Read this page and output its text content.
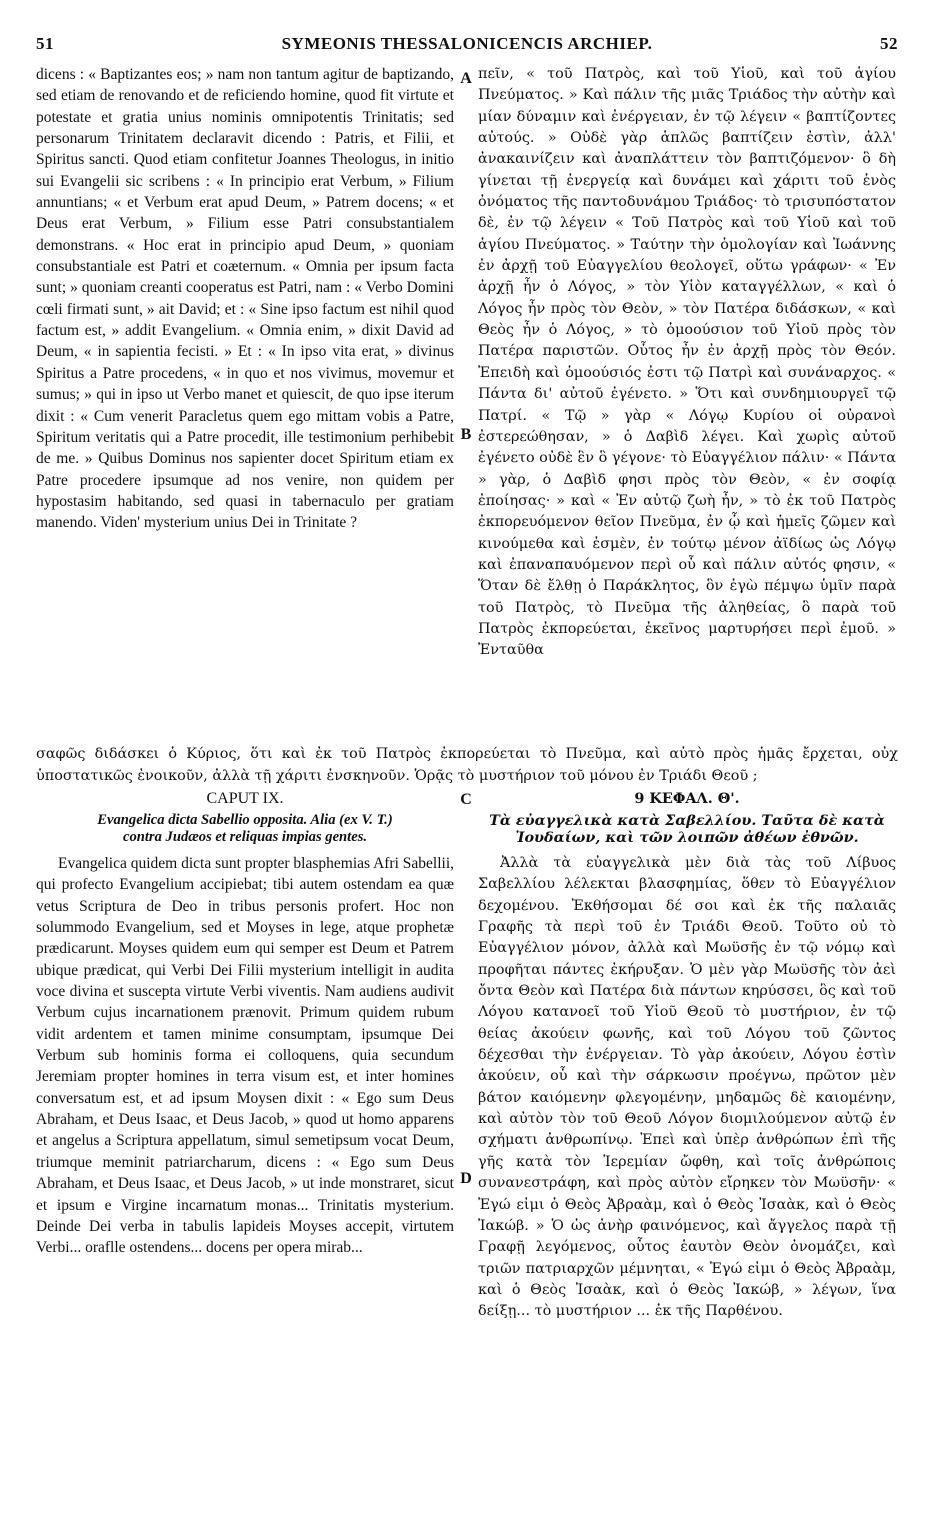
51	SYMEONIS THESSALONICENCIS ARCHIEP.	52

dicens : « Baptizantes eos; » nam non tantum agitur de baptizando, sed etiam de renovando et de reficiendo homine, quod fit virtute et potestate et gratia unius nominis omnipotentis Trinitatis; sed personarum Trinitatem declaravit dicendo : Patris, et Filii, et Spiritus sancti. Quod etiam confitetur Joannes Theologus, in initio sui Evangelii sic scribens : « In principio erat Verbum, » Filium annuntians; « et Verbum erat apud Deum, » Patrem docens; « et Deus erat Verbum, » Filium esse Patri consubstantialem demonstrans. « Hoc erat in principio apud Deum, » quoniam consubstantiale est Patri et coæternum. « Omnia per ipsum facta sunt; » quoniam creanti cooperatus est Patri, nam : « Verbo Domini cœli firmati sunt, » ait David; et : « Sine ipso factum est nihil quod factum est, » addit Evangelium. « Omnia enim, » dixit David ad Deum, « in sapientia fecisti. » Et : « In ipso vita erat, » divinus Spiritus a Patre procedens, « in quo et nos vivimus, movemur et sumus; » qui in ipso ut Verbo manet et quiescit, de quo ipse iterum dixit : « Cum venerit Paracletus quem ego mittam vobis a Patre, Spiritum veritatis qui a Patre procedit, ille testimonium perhibebit de me. » Quibus Dominus nos sapienter docet Spiritum etiam ex Patre procedere ipsumque ad nos venire, non quidem per hypostasim habitando, sed quasi in tabernaculo per gratiam manendo. Viden' mysterium unius Dei in Trinitate ?

A
B

πεῖν, « τοῦ Πατρὸς, καὶ τοῦ Υἱοῦ, καὶ τοῦ ἁγίου Πνεύματος. » Καὶ πάλιν τῆς μιᾶς Τριάδος τὴν αὐτὴν καὶ μίαν δύναμιν καὶ ἐνέργειαν, ἐν τῷ λέγειν « βαπτίζοντες αὐτούς. » Οὐδὲ γὰρ ἁπλῶς βαπτίζειν ἐστὶν, ἀλλ' ἀνακαινίζειν καὶ ἀναπλάττειν τὸν βαπτιζόμενον· ὃ δὴ γίνεται τῇ ἐνεργείᾳ καὶ δυνάμει καὶ χάριτι τοῦ ἑνὸς ὀνόματος τῆς παντοδυνάμου Τριάδος· τὸ τρισυπόστατον δὲ, ἐν τῷ λέγειν « Τοῦ Πατρὸς καὶ τοῦ Υἱοῦ καὶ τοῦ ἁγίου Πνεύματος. » Ταύτην τὴν ὁμολογίαν καὶ Ἰωάννης ἐν ἀρχῇ τοῦ Εὐαγγελίου θεολογεῖ, οὕτω γράφων· « Ἐν ἀρχῇ ἦν ὁ Λόγος, » τὸν Υἱὸν καταγγέλλων, « καὶ ὁ Λόγος ἦν πρὸς τὸν Θεὸν, » τὸν Πατέρα διδάσκων, « καὶ Θεὸς ἦν ὁ Λόγος, » τὸ ὁμοούσιον τοῦ Υἱοῦ πρὸς τὸν Πατέρα παριστῶν. Οὗτος ἦν ἐν ἀρχῇ πρὸς τὸν Θεόν. Ἐπειδὴ καὶ ὁμοούσιός ἐστι τῷ Πατρὶ καὶ συνάναρχος. « Πάντα δι' αὐτοῦ ἐγένετο. » Ὅτι καὶ συνδημιουργεῖ τῷ Πατρί. « Τῷ » γὰρ « Λόγῳ Κυρίου οἱ οὐρανοὶ ἐστερεώθησαν, » ὁ Δαβὶδ λέγει. Καὶ χωρὶς αὐτοῦ ἐγένετο οὐδὲ ἓν ὃ γέγονε· τὸ Εὐαγγέλιον πάλιν· « Πάντα » γὰρ, ὁ Δαβὶδ φησι πρὸς τὸν Θεὸν, « ἐν σοφίᾳ ἐποίησας· » καὶ « Ἐν αὐτῷ ζωὴ ἦν, » τὸ ἐκ τοῦ Πατρὸς ἐκπορευόμενον θεῖον Πνεῦμα, ἐν ᾧ καὶ ἡμεῖς ζῶμεν καὶ κινούμεθα καὶ ἐσμὲν, ἐν τούτῳ μένον ἀϊδίως ὡς Λόγῳ καὶ ἐπαναπαυόμενον περὶ οὗ καὶ πάλιν αὐτός φησιν, « Ὅταν δὲ ἔλθῃ ὁ Παράκλητος, ὃν ἐγὼ πέμψω ὑμῖν παρὰ τοῦ Πατρὸς, τὸ Πνεῦμα τῆς ἀληθείας, ὃ παρὰ τοῦ Πατρὸς ἐκπορεύεται, ἐκεῖνος μαρτυρήσει περὶ ἐμοῦ. » Ἐνταῦθα

σαφῶς διδάσκει ὁ Κύριος, ὅτι καὶ ἐκ τοῦ Πατρὸς ἐκπορεύεται τὸ Πνεῦμα, καὶ αὐτὸ πρὸς ἡμᾶς ἔρχεται, οὐχ ὑποστατικῶς ἐνοικοῦν, ἀλλὰ τῇ χάριτι ἐνσκηνοῦν. Ὁρᾷς τὸ μυστήριον τοῦ μόνου ἐν Τριάδι Θεοῦ ;

CAPUT IX.
Evangelica dicta Sabellio opposita. Alia (ex V. T.)
contra Judæos et reliquas impias gentes.
C	9 ΚΕΦΑΛ. Θ'.
Τὰ εὐαγγελικὰ κατὰ Σαβελλίου. Ταῦτα δὲ κατὰ
Ἰουδαίων, καὶ τῶν λοιπῶν ἀθέων ἐθνῶν.

Evangelica quidem dicta sunt propter blasphemias Afri Sabellii, qui profecto Evangelium accipiebat; tibi autem ostendam ea quæ vetus Scriptura de Deo in tribus personis profert. Hoc non solummodo Evangelium, sed et Moyses in lege, atque prophetæ prædicarunt. Moyses quidem eum qui semper est Deum et Patrem ubique prædicat, qui Verbi Dei Filii mysterium intelligit in audita voce divina et suscepta virtute Verbi viventis. Nam audiens audivit Verbum cujus incarnationem prænovit. Primum quidem rubum vidit ardentem et tamen minime consumptam, ipsumque Dei Verbum sub hominis forma ei colloquens, quia secundum Jeremiam propter homines in terra visum est, et inter homines conversatum est, et ad ipsum Moysen dixit : « Ego sum Deus Abraham, et Deus Isaac, et Deus Jacob, » quod ut homo apparens et angelus a Scriptura appellatum, simul semetipsum vocat Deum, triumque meminit patriarcharum, dicens : « Ego sum Deus Abraham, et Deus Isaac, et Deus Jacob, » ut inde monstraret, sicut et ipsum e Virgine incarnatum monas... Trinitatis mysterium. Deinde Dei verba in tabulis lapideis Moyses accepit, virtutem Verbi... oraflle ostendens... docens per opera mirab...

D

Ἀλλὰ τὰ εὐαγγελικὰ μὲν διὰ τὰς τοῦ Λίβυος Σαβελλίου λέλεκται βλασφημίας, ὅθεν τὸ Εὐαγγέλιον δεχομένου. Ἐκθήσομαι δέ σοι καὶ ἐκ τῆς παλαιᾶς Γραφῆς τὰ περὶ τοῦ ἐν Τριάδι Θεοῦ. Τοῦτο οὐ τὸ Εὐαγγέλιον μόνον, ἀλλὰ καὶ Μωϋσῆς ἐν τῷ νόμῳ καὶ προφῆται πάντες ἐκήρυξαν. Ὁ μὲν γὰρ Μωϋσῆς τὸν ἀεὶ ὄντα Θεὸν καὶ Πατέρα διὰ πάντων κηρύσσει, ὃς καὶ τοῦ Λόγου κατανοεῖ τοῦ Υἱοῦ Θεοῦ τὸ μυστήριον, ἐν τῷ θείας ἀκούειν φωνῆς, καὶ τοῦ Λόγου τοῦ ζῶντος δέχεσθαι τὴν ἐνέργειαν. Τὸ γὰρ ἀκούειν, Λόγου ἐστὶν ἀκούειν, οὗ καὶ τὴν σάρκωσιν προέγνω, πρῶτον μὲν βάτον καιόμενην φλεγομένην, μηδαμῶς δὲ καιομένην, καὶ αὐτὸν τὸν τοῦ Θεοῦ Λόγον διομιλούμενον αὐτῷ ἐν σχήματι ἀνθρωπίνῳ. Ἐπεὶ καὶ ὑπὲρ ἀνθρώπων ἐπὶ τῆς γῆς κατὰ τὸν Ἱερεμίαν ὤφθη, καὶ τοῖς ἀνθρώποις συνανεστράφη, καὶ πρὸς αὐτὸν εἴρηκεν τὸν Μωϋσῆν· « Ἐγώ εἰμι ὁ Θεὸς Ἀβραὰμ, καὶ ὁ Θεὸς Ἰσαὰκ, καὶ ὁ Θεὸς Ἰακώβ. » Ὁ ὡς ἀνὴρ φαινόμενος, καὶ ἄγγελος παρὰ τῇ Γραφῇ λεγόμενος, οὗτος ἑαυτὸν Θεὸν ὀνομάζει, καὶ τριῶν πατριαρχῶν μέμνηται, « Ἐγώ εἰμι ὁ Θεὸς Ἀβραὰμ, καὶ ὁ Θεὸς Ἰσαὰκ, καὶ ὁ Θεὸς Ἰακώβ, » λέγων, ἵνα δείξῃ... τὸ μυστήριον ... ἐκ τῆς Παρθένου.
